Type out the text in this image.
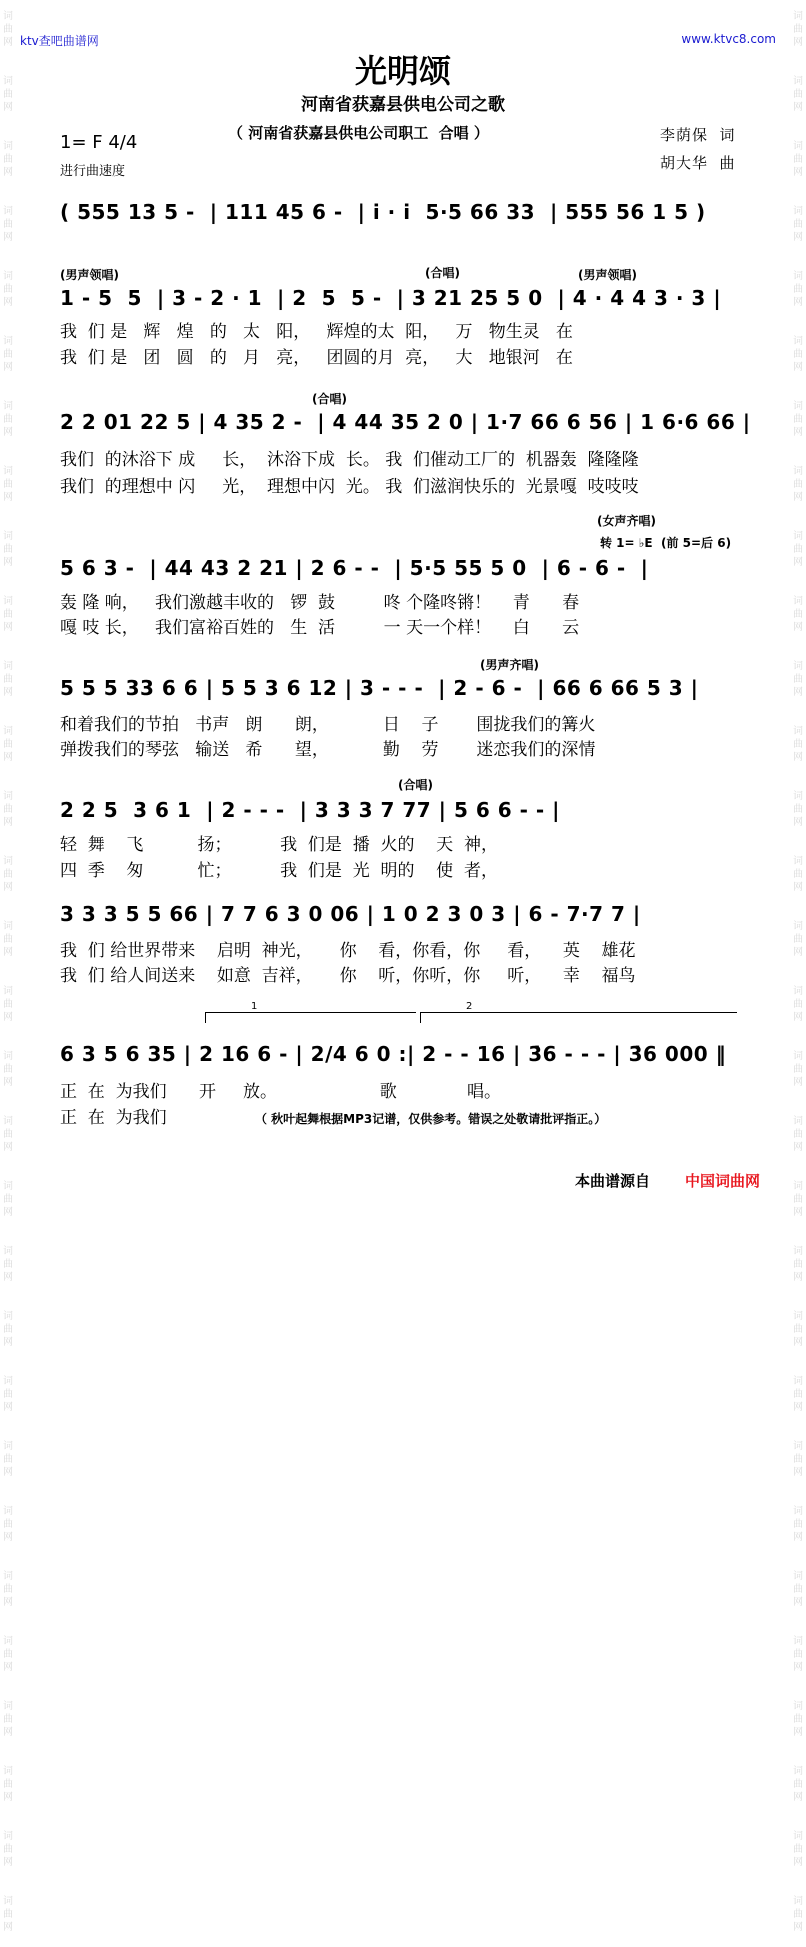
词
曲
网

词
曲
网

词
曲
网

词
曲
网

词
曲
网

词
曲
网

词
曲
网

词
曲
网

词
曲
网

词
曲
网

词
曲
网

词
曲
网

词
曲
网

词
曲
网

词
曲
网

词
曲
网

词
曲
网

词
曲
网

词
曲
网

词
曲
网

词
曲
网

词
曲
网

词
曲
网

词
曲
网

词
曲
网

词
曲
网

词
曲
网

词
曲
网

词
曲
网

词
曲
网

词
曲
网

词
曲
网

词
曲
网

词
曲
网

词
曲
网

词
曲
网

词
曲
网

词
曲
网

词
曲
网

词
曲
网

词
曲
网

词
曲
网

词
曲
网

词
曲
网

词
曲
网

词
曲
网

词
曲
网

词
曲
网

词
曲
网

词
曲
网

词
曲
网

词
曲
网

词
曲
网

词
曲
网

词
曲
网

词
曲
网

词
曲
网

词
曲
网

词
曲
网

词
曲
网

ktv查吧曲谱网	www.ktvc8.com
光明颂
河南省获嘉县供电公司之歌
（ 河南省获嘉县供电公司职工  合唱 ）	李荫保  词
胡大华  曲
1= F 4/4
进行曲速度
( 555 13 5 -  | 111 45 6 -  | i · i  5·5 66 33  | 555 56 1 5 )
(男声领唱)	(合唱)	(男声领唱)
1 - 5  5  | 3 - 2 · 1  | 2  5  5 -  | 3 21 25 5 0  | 4 · 4 4 3 · 3 |
我  们 是   辉   煌   的   太   阳，   辉煌的太  阳，   万   物生灵   在
我  们 是   团   圆   的   月   亮，   团圆的月  亮，   大   地银河   在
(合唱)
2 2 01 22 5 | 4 35 2 -  | 4 44 35 2 0 | 1·7 66 6 56 | 1 6·6 66 |
我们  的沐浴下 成     长，  沐浴下成  长。 我  们催动工厂的  机器轰  隆隆隆
我们  的理想中 闪     光，  理想中闪  光。 我  们滋润快乐的  光景嘎  吱吱吱
(女声齐唱)
转 1= ♭E  (前 5=后 6)
5 6 3 -  | 44 43 2 21 | 2 6 - -  | 5·5 55 5 0  | 6 - 6 -  |
轰 隆 响，   我们激越丰收的   锣  鼓         咚 个隆咚锵！    青      春
嘎 吱 长，   我们富裕百姓的   生  活         一 天一个样！    白      云
(男声齐唱)
5 5 5 33 6 6 | 5 5 3 6 12 | 3 - - -  | 2 - 6 -  | 66 6 66 5 3 |
和着我们的节拍   书声   朗      朗，          日    子       围拢我们的篝火
弹拨我们的琴弦   输送   希      望，          勤    劳       迷恋我们的深情
(合唱)
2 2 5  3 6 1  | 2 - - -  | 3 3 3 7 77 | 5 6 6 - - |
轻  舞    飞          扬；         我  们是  播  火的    天  神，
四  季    匆          忙；         我  们是  光  明的    使  者，
3 3 3 5 5 66 | 7 7 6 3 0 06 | 1 0 2 3 0 3 | 6 - 7·7 7 |
我  们 给世界带来    启明  神光，     你    看，你看，你     看，    英    雄花
我  们 给人间送来    如意  吉祥，     你    听，你听，你     听，    幸    福鸟
1	2
6 3 5 6 35 | 2 16 6 - | 2/4 6 0 :| 2 - - 16 | 3̇6 - - - | 3̇6 000 ‖
正  在  为我们      开     放。                   歌             唱。
正  在  为我们	（ 秋叶起舞根据MP3记谱，仅供参考。错误之处敬请批评指正。）
本曲谱源自 中国词曲网
